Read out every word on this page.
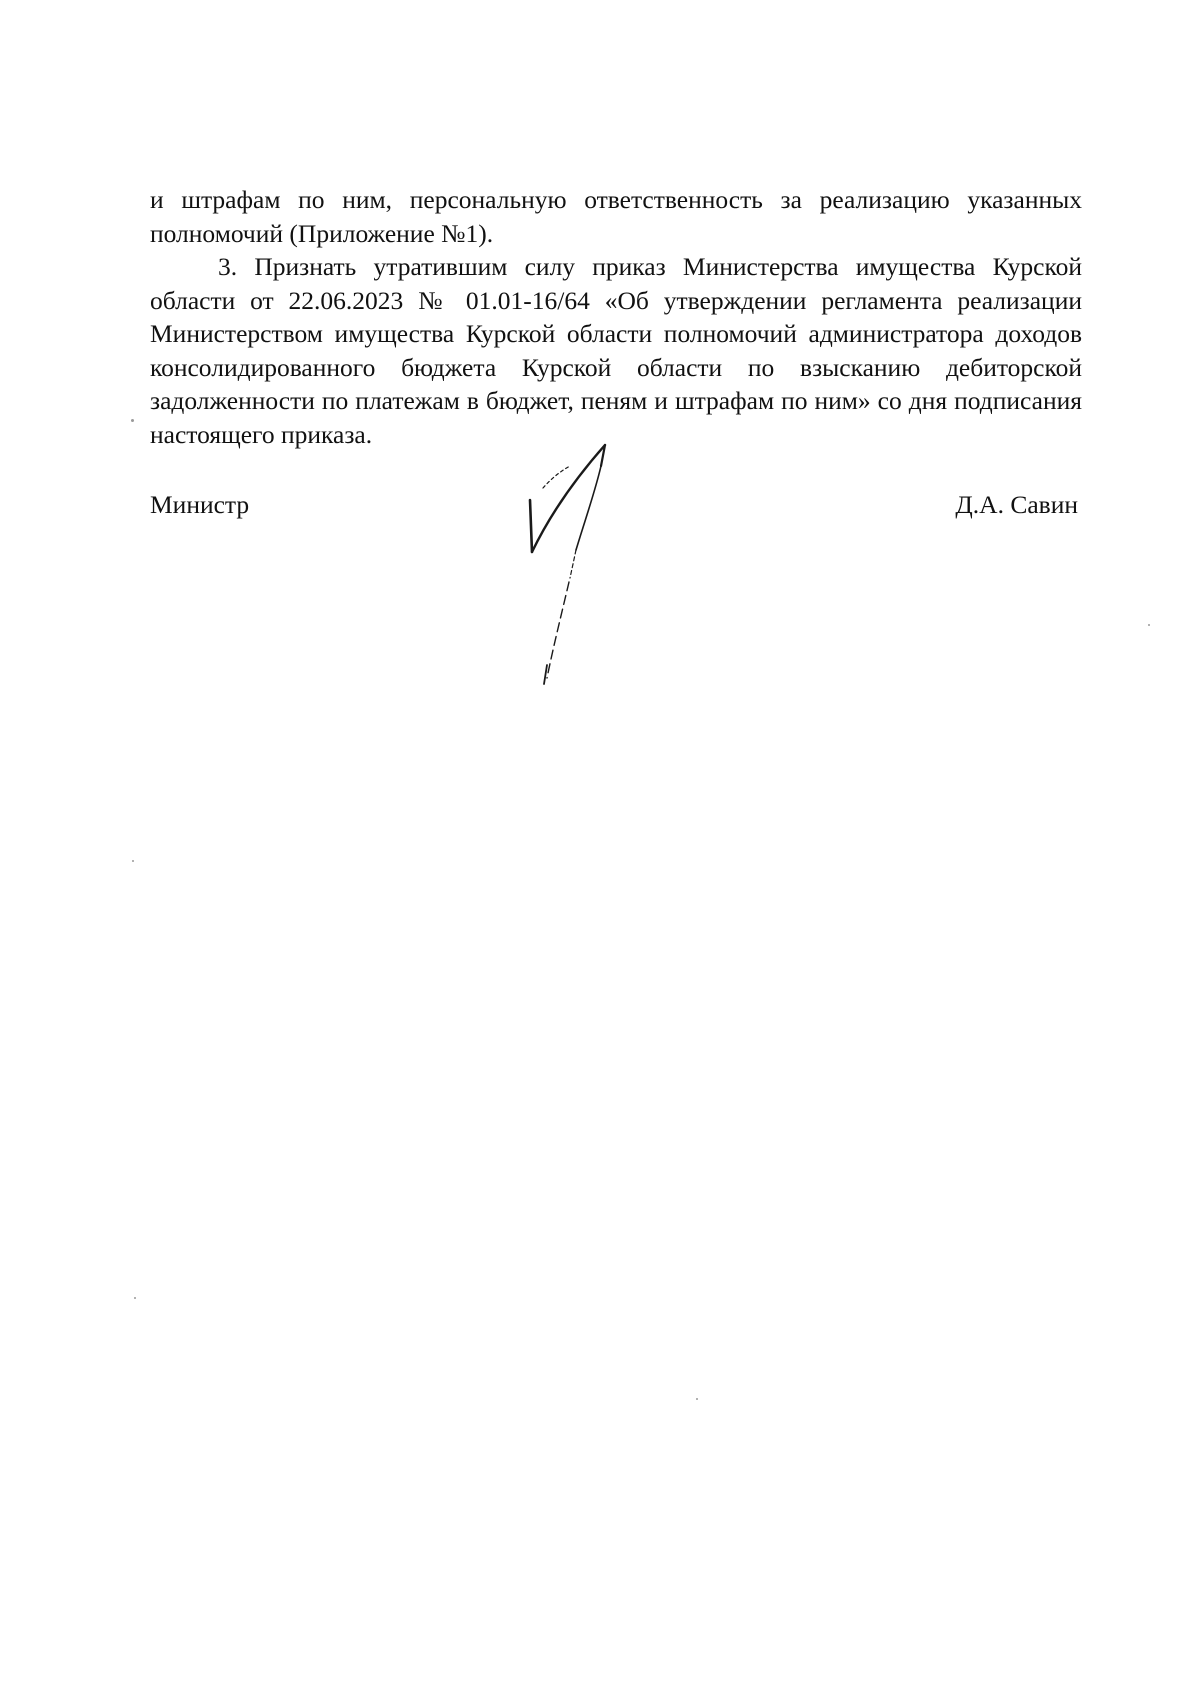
и штрафам по ним, персональную ответственность за реализацию указанных полномочий (Приложение №1).

3. Признать утратившим силу приказ Министерства имущества Курской области от 22.06.2023 № 01.01-16/64 «Об утверждении регламента реализации Министерством имущества Курской области полномочий администратора доходов консолидированного бюджета Курской области по взысканию дебиторской задолженности по платежам в бюджет, пеням и штрафам по ним» со дня подписания настоящего приказа.

Министр	Д.А. Савин
